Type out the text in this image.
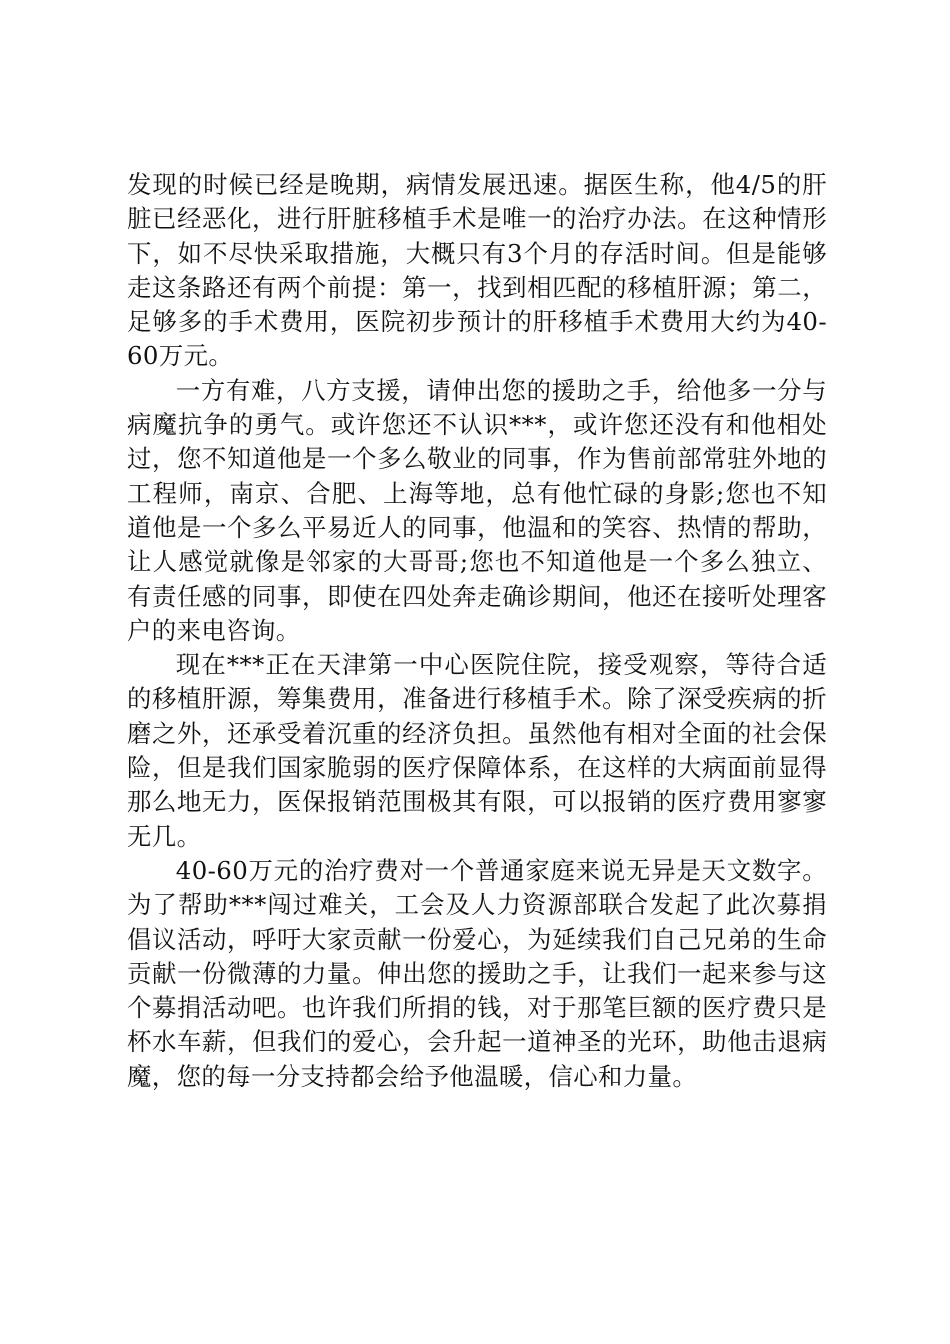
发现的时候已经是晚期，病情发展迅速。据医生称，他4/5的肝脏已经恶化，进行肝脏移植手术是唯一的治疗办法。在这种情形下，如不尽快采取措施，大概只有3个月的存活时间。但是能够走这条路还有两个前提：第一，找到相匹配的移植肝源；第二，足够多的手术费用，医院初步预计的肝移植手术费用大约为40-60万元。

一方有难，八方支援，请伸出您的援助之手，给他多一分与病魔抗争的勇气。或许您还不认识***，或许您还没有和他相处过，您不知道他是一个多么敬业的同事，作为售前部常驻外地的工程师，南京、合肥、上海等地，总有他忙碌的身影;您也不知道他是一个多么平易近人的同事，他温和的笑容、热情的帮助，让人感觉就像是邻家的大哥哥;您也不知道他是一个多么独立、有责任感的同事，即使在四处奔走确诊期间，他还在接听处理客户的来电咨询。

现在***正在天津第一中心医院住院，接受观察，等待合适的移植肝源，筹集费用，准备进行移植手术。除了深受疾病的折磨之外，还承受着沉重的经济负担。虽然他有相对全面的社会保险，但是我们国家脆弱的医疗保障体系，在这样的大病面前显得那么地无力，医保报销范围极其有限，可以报销的医疗费用寥寥无几。

40-60万元的治疗费对一个普通家庭来说无异是天文数字。为了帮助***闯过难关，工会及人力资源部联合发起了此次募捐倡议活动，呼吁大家贡献一份爱心，为延续我们自己兄弟的生命贡献一份微薄的力量。伸出您的援助之手，让我们一起来参与这个募捐活动吧。也许我们所捐的钱，对于那笔巨额的医疗费只是杯水车薪，但我们的爱心，会升起一道神圣的光环，助他击退病魔，您的每一分支持都会给予他温暖，信心和力量。
